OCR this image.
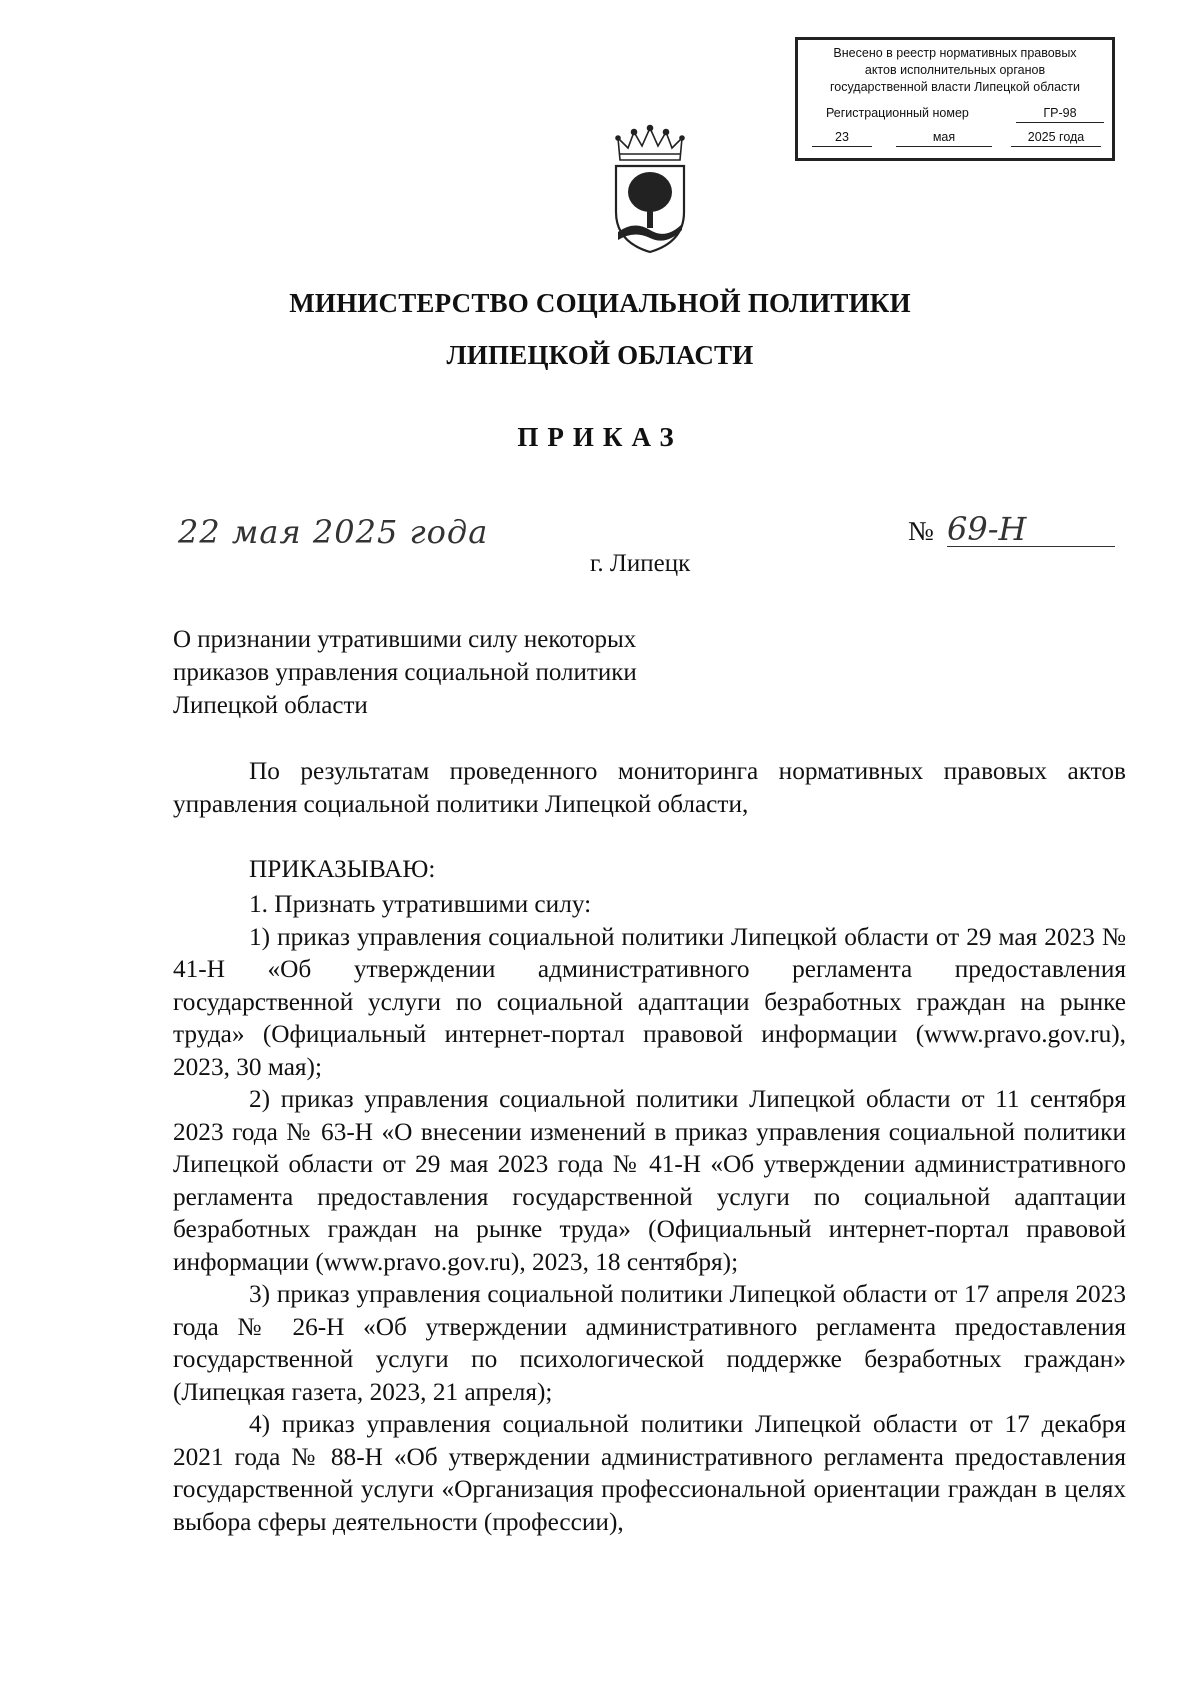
Внесено в реестр нормативных правовых
актов исполнительных органов
государственной власти Липецкой области
Регистрационный номер	ГР-98
23	мая	2025 года
МИНИСТЕРСТВО СОЦИАЛЬНОЙ ПОЛИТИКИ
ЛИПЕЦКОЙ ОБЛАСТИ
ПРИКАЗ
22 мая 2025 года	№ 69-Н
г. Липецк
О признании утратившими силу некоторых приказов управления социальной политики Липецкой области

По результатам проведенного мониторинга нормативных правовых актов управления социальной политики Липецкой области,

ПРИКАЗЫВАЮ:

1. Признать утратившими силу:

1) приказ управления социальной политики Липецкой области от 29 мая 2023 № 41-Н «Об утверждении административного регламента предоставления государственной услуги по социальной адаптации безработных граждан на рынке труда» (Официальный интернет-портал правовой информации (www.pravo.gov.ru), 2023, 30 мая);

2) приказ управления социальной политики Липецкой области от 11 сентября 2023 года № 63-Н «О внесении изменений в приказ управления социальной политики Липецкой области от 29 мая 2023 года № 41-Н «Об утверждении административного регламента предоставления государственной услуги по социальной адаптации безработных граждан на рынке труда» (Официальный интернет-портал правовой информации (www.pravo.gov.ru), 2023, 18 сентября);

3) приказ управления социальной политики Липецкой области от 17 апреля 2023 года № 26-Н «Об утверждении административного регламента предоставления государственной услуги по психологической поддержке безработных граждан» (Липецкая газета, 2023, 21 апреля);

4) приказ управления социальной политики Липецкой области от 17 декабря 2021 года № 88-Н «Об утверждении административного регламента предоставления государственной услуги «Организация профессиональной ориентации граждан в целях выбора сферы деятельности (профессии),
